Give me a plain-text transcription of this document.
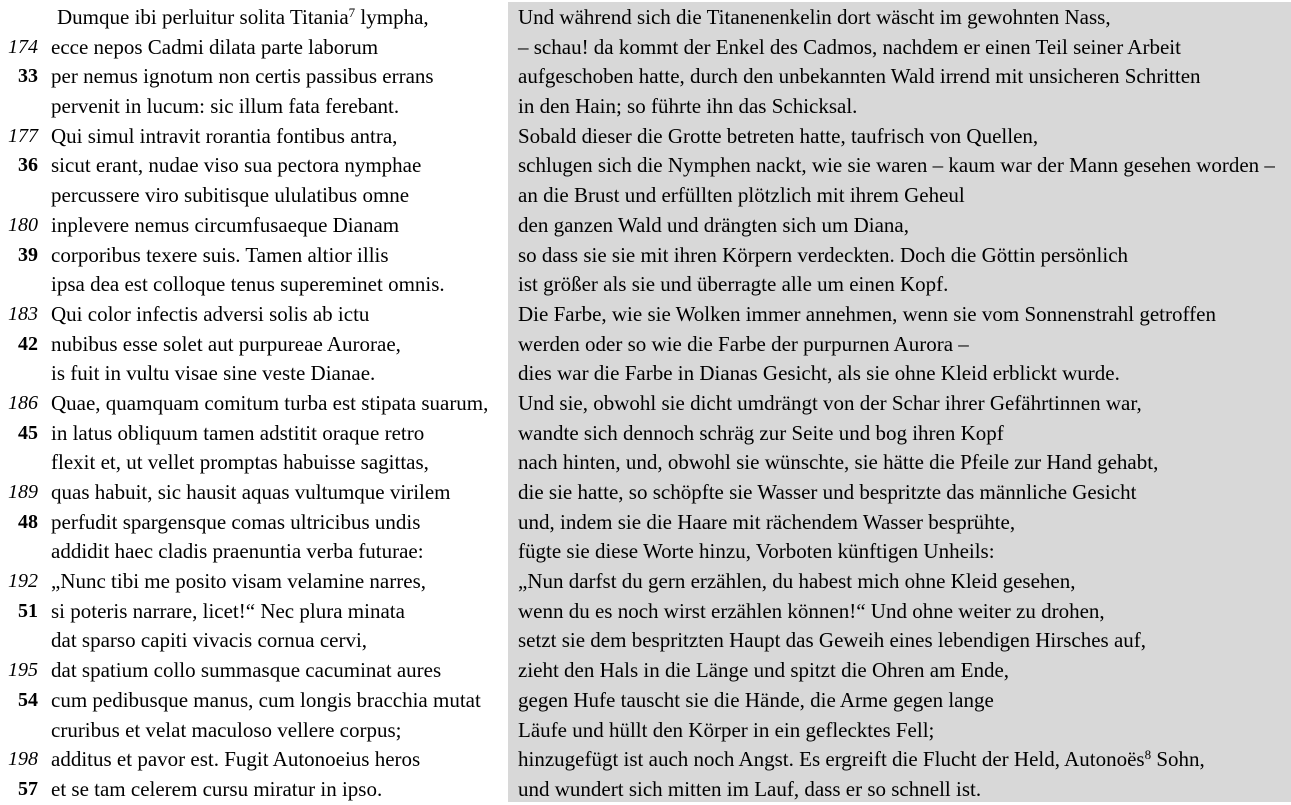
Dumque ibi perluitur solita Titania$^7$ lympha,
174 ecce nepos Cadmi dilata parte laborum
33 per nemus ignotum non certis passibus errans
pervenit in lucum: sic illum fata ferebant.
177 Qui simul intravit rorantia fontibus antra,
36 sicut erant, nudae viso sua pectora nymphae
percussere viro subitisque ululatibus omne
180 inplevere nemus circumfusaeque Dianam
39 corporibus texere suis. Tamen altior illis
ipsa dea est colloque tenus supereminet omnis.
183 Qui color infectis adversi solis ab ictu
42 nubibus esse solet aut purpureae Aurorae,
is fuit in vultu visae sine veste Dianae.
186 Quae, quamquam comitum turba est stipata suarum,
45 in latus obliquum tamen adstitit oraque retro
flexit et, ut vellet promptas habuisse sagittas,
189 quas habuit, sic hausit aquas vultumque virilem
48 perfudit spargensque comas ultricibus undis
addidit haec cladis praenuntia verba futurae:
192 „Nunc tibi me posito visam velamine narres,
51 si poteris narrare, licet!“ Nec plura minata
dat sparso capiti vivacis cornua cervi,
195 dat spatium collo summasque cacuminat aures
54 cum pedibusque manus, cum longis bracchia mutat
cruribus et velat maculoso vellere corpus;
198 additus et pavor est. Fugit Autonoeius heros
57 et se tam celerem cursu miratur in ipso.
Und während sich die Titanenenkelin dort wäscht im gewohnten Nass,
– schau! da kommt der Enkel des Cadmos, nachdem er einen Teil seiner Arbeit
aufgeschoben hatte, durch den unbekannten Wald irrend mit unsicheren Schritten
in den Hain; so führte ihn das Schicksal.
Sobald dieser die Grotte betreten hatte, taufrisch von Quellen,
schlugen sich die Nymphen nackt, wie sie waren – kaum war der Mann gesehen worden –
an die Brust und erfüllten plötzlich mit ihrem Geheul
den ganzen Wald und drängten sich um Diana,
so dass sie sie mit ihren Körpern verdeckten. Doch die Göttin persönlich
ist größer als sie und überragte alle um einen Kopf.
Die Farbe, wie sie Wolken immer annehmen, wenn sie vom Sonnenstrahl getroffen
werden oder so wie die Farbe der purpurnen Aurora –
dies war die Farbe in Dianas Gesicht, als sie ohne Kleid erblickt wurde.
Und sie, obwohl sie dicht umdrängt von der Schar ihrer Gefährtinnen war,
wandte sich dennoch schräg zur Seite und bog ihren Kopf
nach hinten, und, obwohl sie wünschte, sie hätte die Pfeile zur Hand gehabt,
die sie hatte, so schöpfte sie Wasser und bespritzte das männliche Gesicht
und, indem sie die Haare mit rächendem Wasser besprühte,
fügte sie diese Worte hinzu, Vorboten künftigen Unheils:
„Nun darfst du gern erzählen, du habest mich ohne Kleid gesehen,
wenn du es noch wirst erzählen können!“ Und ohne weiter zu drohen,
setzt sie dem bespritzten Haupt das Geweih eines lebendigen Hirsches auf,
zieht den Hals in die Länge und spitzt die Ohren am Ende,
gegen Hufe tauscht sie die Hände, die Arme gegen lange
Läufe und hüllt den Körper in ein geflecktes Fell;
hinzugefügt ist auch noch Angst. Es ergreift die Flucht der Held, Autonoës$^8$ Sohn,
und wundert sich mitten im Lauf, dass er so schnell ist.
